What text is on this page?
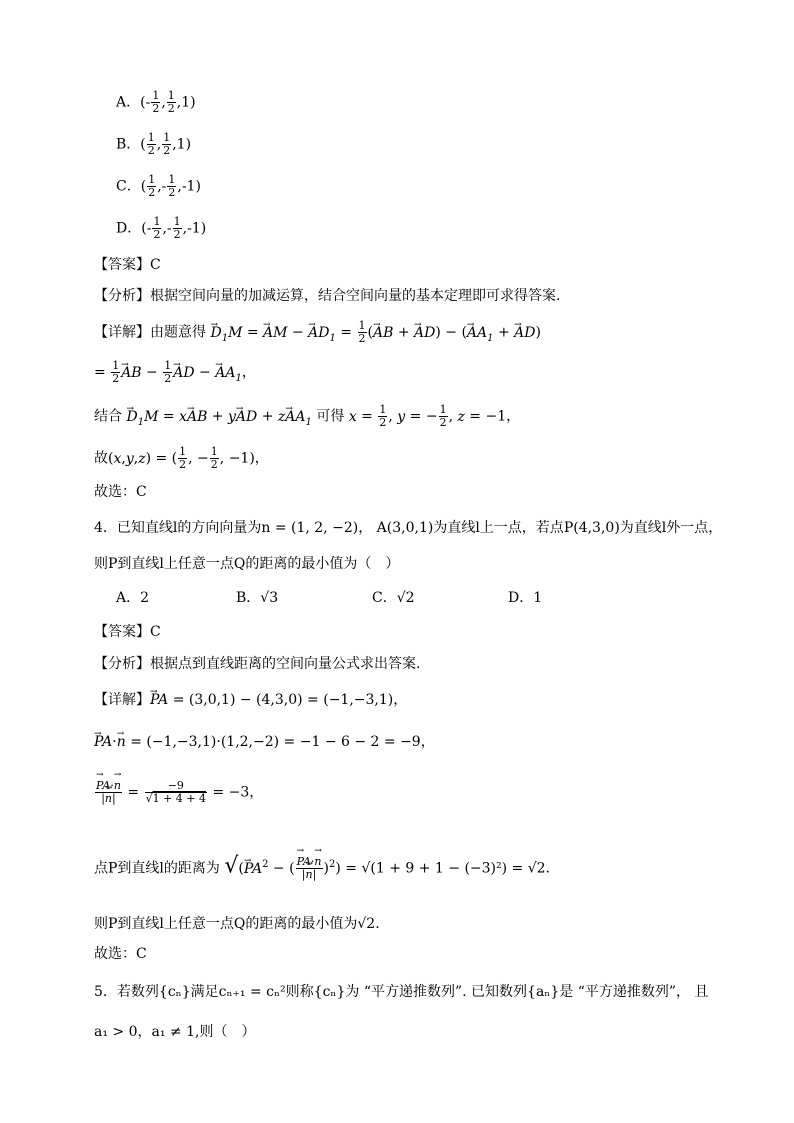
A．(- $\frac{1}{2}$ , $\frac{1}{2} ,1$)
B．( $\frac{1}{2}$ , $\frac{1}{2} ,1$)
C．( $\frac{1}{2}$ ,- $\frac{1}{2} ,-1$)
D．(- $\frac{1}{2}$ ,- $\frac{1}{2} ,-1$)
【答案】C
【分析】根据空间向量的加减运算，结合空间向量的基本定理即可求得答案.
【详解】由题意得 → $D_1M$ = → AM − → $AD_1 = \frac{1}{2}$ (→ AB + → AD) − (→ $AA_1$ + → AD)
= $\frac{1}{2}$ → AB − $\frac{1}{2}$ → AD − → $AA_1$，
结合 → $D_1M = x\to$ AB + y→ AD + $z\to AA_1$ 可得 $x = \frac{1}{2}$ , y = − $\frac{1}{2}$ , z = −1，
故(x,y,z) = ( $\frac{1}{2}$ , − $\frac{1}{2}$ , −1)，
故选：C
4．已知直线l的方向向量为n = (1, 2, −2)， A(3,0,1)为直线l上一点，若点P(4,3,0)为直线l外一点，
则P到直线l上任意一点Q的距离的最小值为（　）
A．2	B．√3	C．√2	D．1
【答案】C
【分析】根据点到直线距离的空间向量公式求出答案.
【详解】→ PA = (3,0,1) − (4,3,0) = (−1,−3,1)，
→ PA·→ n = (−1,−3,1)·(1,2,−2) = −1 − 6 − 2 = −9，
→ $\frac{PA\cdot\to n}{|\to n|} = \frac{-9}{√1 + 4 + 4} = -3$，
点P到直线l的距离为 √(→ $PA^2$ − ( → $\frac{PA\cdot\to n}{|\to n|} )^2) = √(1 + 9 + 1 - (-3)^2) = √2$.
则P到直线l上任意一点Q的距离的最小值为√2.
故选：C
5．若数列{cₙ}满足cₙ₊₁ = cₙ²则称{cₙ}为 “平方递推数列”. 已知数列{aₙ}是 “平方递推数列”， 且
a₁ > 0，a₁ ≠ 1,则（　）
